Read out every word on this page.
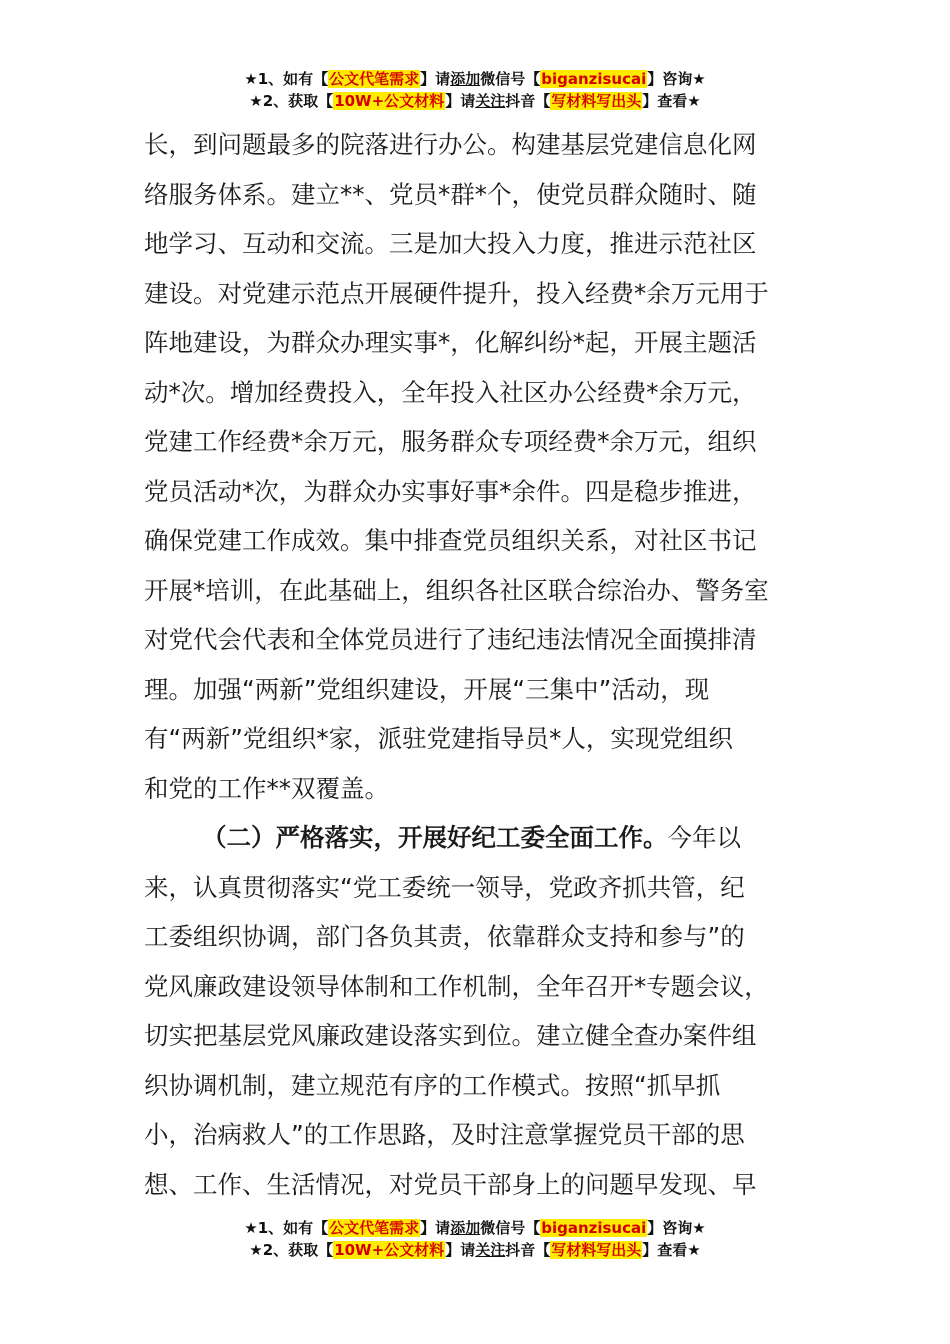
★1、如有【公文代笔需求】请添加微信号【biganzisucai】咨询★
★2、获取【10W+公文材料】请关注抖音【写材料写出头】查看★
长，到问题最多的院落进行办公。构建基层党建信息化网
络服务体系。建立**、党员*群*个，使党员群众随时、随
地学习、互动和交流。三是加大投入力度，推进示范社区
建设。对党建示范点开展硬件提升，投入经费*余万元用于
阵地建设，为群众办理实事*，化解纠纷*起，开展主题活
动*次。增加经费投入，全年投入社区办公经费*余万元，
党建工作经费*余万元，服务群众专项经费*余万元，组织
党员活动*次，为群众办实事好事*余件。四是稳步推进，
确保党建工作成效。集中排查党员组织关系，对社区书记
开展*培训，在此基础上，组织各社区联合综治办、警务室
对党代会代表和全体党员进行了违纪违法情况全面摸排清
理。加强“两新”党组织建设，开展“三集中”活动，现
有“两新”党组织*家，派驻党建指导员*人，实现党组织
和党的工作**双覆盖。
（二）严格落实，开展好纪工委全面工作。今年以
来，认真贯彻落实“党工委统一领导，党政齐抓共管，纪
工委组织协调，部门各负其责，依靠群众支持和参与”的
党风廉政建设领导体制和工作机制，全年召开*专题会议，
切实把基层党风廉政建设落实到位。建立健全查办案件组
织协调机制，建立规范有序的工作模式。按照“抓早抓
小，治病救人”的工作思路，及时注意掌握党员干部的思
想、工作、生活情况，对党员干部身上的问题早发现、早
★1、如有【公文代笔需求】请添加微信号【biganzisucai】咨询★
★2、获取【10W+公文材料】请关注抖音【写材料写出头】查看★
